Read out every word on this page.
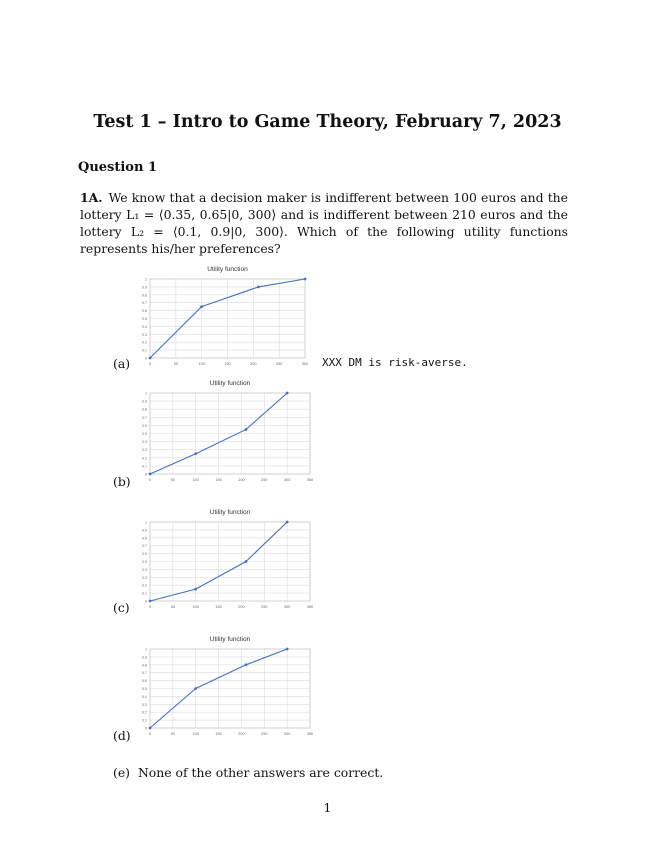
Test 1 – Intro to Game Theory, February 7, 2023
Question 1
1A. We know that a decision maker is indifferent between 100 euros and the lottery L₁ = ⟨0.35, 0.65|0, 300⟩ and is indifferent between 210 euros and the lottery L₂ = ⟨0.1, 0.9|0, 300⟩. Which of the following utility functions represents his/her preferences?
Utility function
0
0.1
0.2
0.3
0.4
0.5
0.6
0.7
0.8
0.9
1
0	50	100	150	200	250	300
Utility function
0
0.1
0.2
0.3
0.4
0.5
0.6
0.7
0.8
0.9
1
0	50	100	150	200	250	300	350
Utility function
0
0.1
0.2
0.3
0.4
0.5
0.6
0.7
0.8
0.9
1
0	50	100	150	200	250	300	350
Utility function
0
0.1
0.2
0.3
0.4
0.5
0.6
0.7
0.8
0.9
1
0	50	100	150	200	250	300	350
(a)	XXX DM is risk-averse.
(b)
(c)
(d)
(e) None of the other answers are correct.
1
